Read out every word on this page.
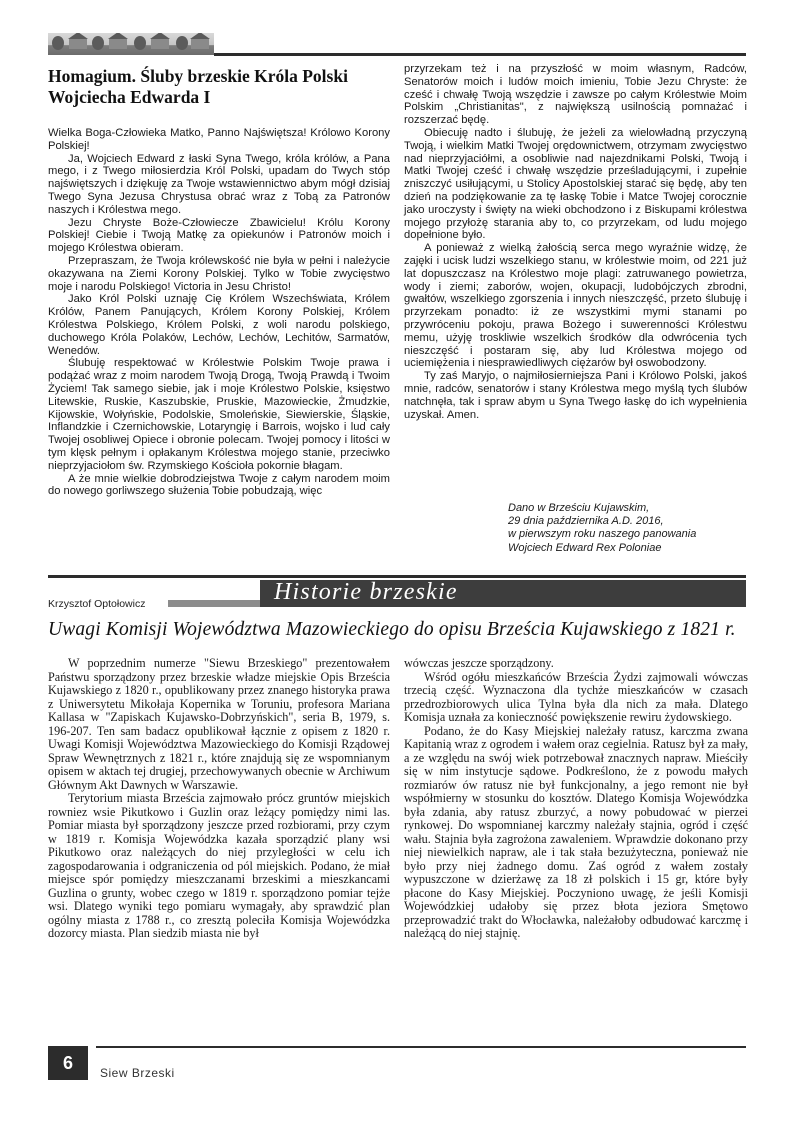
Homagium. Śluby brzeskie Króla Polski
Wojciecha Edwarda I

Wielka Boga-Człowieka Matko, Panno Najświętsza! Królowo Korony Polskiej!

Ja, Wojciech Edward z łaski Syna Twego, króla królów, a Pana mego, i z Twego miłosierdzia Król Polski, upadam do Twych stóp najświętszych i dziękuję za Twoje wstawiennictwo abym mógł dzisiaj Twego Syna Jezusa Chrystusa obrać wraz z Tobą za Patronów naszych i Królestwa mego.

Jezu Chryste Boże-Człowiecze Zbawicielu! Królu Korony Polskiej! Ciebie i Twoją Matkę za opiekunów i Patronów moich i mojego Królestwa obieram.

Przepraszam, że Twoja królewskość nie była w pełni i należycie okazywana na Ziemi Korony Polskiej. Tylko w Tobie zwycięstwo moje i narodu Polskiego! Victoria in Jesu Christo!

Jako Król Polski uznaję Cię Królem Wszechświata, Królem Królów, Panem Panujących, Królem Korony Polskiej, Królem Królestwa Polskiego, Królem Polski, z woli narodu polskiego, duchowego Króla Polaków, Lechów, Lechów, Lechitów, Sarmatów, Wenedów.

Ślubuję respektować w Królestwie Polskim Twoje prawa i podążać wraz z moim narodem Twoją Drogą, Twoją Prawdą i Twoim Życiem! Tak samego siebie, jak i moje Królestwo Polskie, księstwo Litewskie, Ruskie, Kaszubskie, Pruskie, Mazowieckie, Żmudzkie, Kijowskie, Wołyńskie, Podolskie, Smoleńskie, Siewierskie, Śląskie, Inflandzkie i Czernichowskie, Lotaryngię i Barrois, wojsko i lud cały Twojej osobliwej Opiece i obronie polecam. Twojej pomocy i litości w tym klęsk pełnym i opłakanym Królestwa mojego stanie, przeciwko nieprzyjaciołom św. Rzymskiego Kościoła pokornie błagam.

A że mnie wielkie dobrodziejstwa Twoje z całym narodem moim do nowego gorliwszego służenia Tobie pobudzają, więc

przyrzekam też i na przyszłość w moim własnym, Radców, Senatorów moich i ludów moich imieniu, Tobie Jezu Chryste: że cześć i chwałę Twoją wszędzie i zawsze po całym Królestwie Moim Polskim „Christianitas", z największą usilnością pomnażać i rozszerzać będę.

Obiecuję nadto i ślubuję, że jeżeli za wielowładną przyczyną Twoją, i wielkim Matki Twojej orędownictwem, otrzymam zwycięstwo nad nieprzyjaciółmi, a osobliwie nad najezdnikami Polski, Twoją i Matki Twojej cześć i chwałę wszędzie prześladującymi, i zupełnie zniszczyć usiłującymi, u Stolicy Apostolskiej starać się będę, aby ten dzień na podziękowanie za tę łaskę Tobie i Matce Twojej corocznie jako uroczysty i święty na wieki obchodzono i z Biskupami królestwa mojego przyłożę starania aby to, co przyrzekam, od ludu mojego dopełnione było.

A ponieważ z wielką żałością serca mego wyraźnie widzę, że zajęki i ucisk ludzi wszelkiego stanu, w królestwie moim, od 221 już lat dopuszczasz na Królestwo moje plagi: zatruwanego powietrza, wody i ziemi; zaborów, wojen, okupacji, ludobójczych zbrodni, gwałtów, wszelkiego zgorszenia i innych nieszczęść, przeto ślubuję i przyrzekam ponadto: iż ze wszystkimi mymi stanami po przywróceniu pokoju, prawa Bożego i suwerenności Królestwu memu, użyję troskliwie wszelkich środków dla odwrócenia tych nieszczęść i postaram się, aby lud Królestwa mojego od uciemiężenia i niesprawiedliwych ciężarów był oswobodzony.

Ty zaś Maryjo, o najmiłosierniejsza Pani i Królowo Polski, jakoś mnie, radców, senatorów i stany Królestwa mego myślą tych ślubów natchnęła, tak i spraw abym u Syna Twego łaskę do ich wypełnienia uzyskał. Amen.

Dano w Brześciu Kujawskim,
29 dnia października A.D. 2016,
w pierwszym roku naszego panowania
Wojciech Edward Rex Poloniae
Historie brzeskie
Krzysztof Optołowicz
Uwagi Komisji Województwa Mazowieckiego do opisu Brześcia Kujawskiego z 1821 r.

W poprzednim numerze "Siewu Brzeskiego" prezentowałem Państwu sporządzony przez brzeskie władze miejskie Opis Brześcia Kujawskiego z 1820 r., opublikowany przez znanego historyka prawa z Uniwersytetu Mikołaja Kopernika w Toruniu, profesora Mariana Kallasa w "Zapiskach Kujawsko-Dobrzyńskich", seria B, 1979, s. 196-207. Ten sam badacz opublikował łącznie z opisem z 1820 r. Uwagi Komisji Województwa Mazowieckiego do Komisji Rządowej Spraw Wewnętrznych z 1821 r., które znajdują się ze wspomnianym opisem w aktach tej drugiej, przechowywanych obecnie w Archiwum Głównym Akt Dawnych w Warszawie.

Terytorium miasta Brześcia zajmowało prócz gruntów miejskich rowniez wsie Pikutkowo i Guzlin oraz leżący pomiędzy nimi las. Pomiar miasta był sporządzony jeszcze przed rozbiorami, przy czym w 1819 r. Komisja Wojewódzka kazała sporządzić plany wsi Pikutkowo oraz należących do niej przyległości w celu ich zagospodarowania i odgraniczenia od pól miejskich. Podano, że miał miejsce spór pomiędzy mieszczanami brzeskimi a mieszkancami Guzlina o grunty, wobec czego w 1819 r. sporządzono pomiar tejże wsi. Dlatego wyniki tego pomiaru wymagały, aby sprawdzić plan ogólny miasta z 1788 r., co zresztą poleciła Komisja Wojewódzka dozorcy miasta. Plan siedzib miasta nie był

wówczas jeszcze sporządzony.

Wśród ogółu mieszkańców Brześcia Żydzi zajmowali wówczas trzecią część. Wyznaczona dla tychże mieszkańców w czasach przedrozbiorowych ulica Tylna była dla nich za mała. Dlatego Komisja uznała za konieczność powiększenie rewiru żydowskiego.

Podano, że do Kasy Miejskiej należały ratusz, karczma zwana Kapitanią wraz z ogrodem i wałem oraz cegielnia. Ratusz był za mały, a ze względu na swój wiek potrzebował znacznych napraw. Mieściły się w nim instytucje sądowe. Podkreślono, że z powodu małych rozmiarów ów ratusz nie był funkcjonalny, a jego remont nie był współmierny w stosunku do kosztów. Dlatego Komisja Wojewódzka była zdania, aby ratusz zburzyć, a nowy pobudować w pierzei rynkowej. Do wspomnianej karczmy należały stajnia, ogród i część wału. Stajnia była zagrożona zawaleniem. Wprawdzie dokonano przy niej niewielkich napraw, ale i tak stała bezużyteczna, ponieważ nie było przy niej żadnego domu. Zaś ogród z wałem zostały wypuszczone w dzierżawę za 18 zł polskich i 15 gr, które były płacone do Kasy Miejskiej. Poczyniono uwagę, że jeśli Komisji Wojewódzkiej udałoby się przez błota jeziora Smętowo przeprowadzić trakt do Włocławka, należałoby odbudować karczmę i należącą do niej stajnię.

6	Siew Brzeski
